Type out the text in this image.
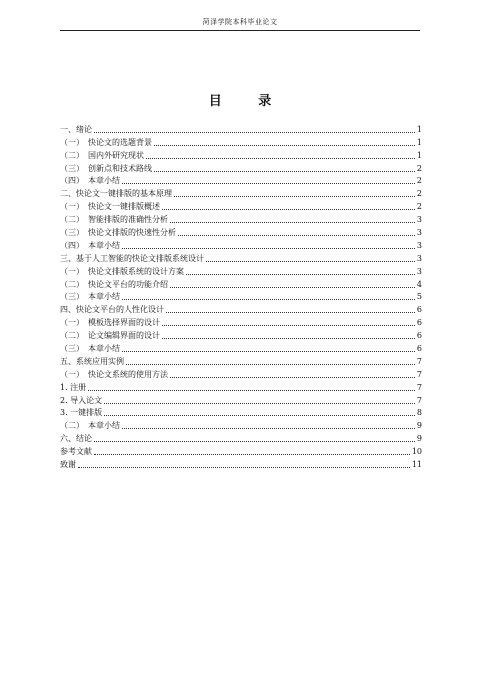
菏泽学院本科毕业论文
目 录
一、绪论	1
（一）　快论文的选题背景	1
（二）　国内外研究现状	1
（三）　创新点和技术路线	2
（四）　本章小结	2
二、快论文一键排版的基本原理	2
（一）　快论文一键排版概述	2
（二）　智能排版的准确性分析	3
（三）　快论文排版的快速性分析	3
（四）　本章小结	3
三、基于人工智能的快论文排版系统设计	3
（一）　快论文排版系统的设计方案	3
（二）　快论文平台的功能介绍	4
（三）　本章小结	5
四、快论文平台的人性化设计	6
（一）　模板选择界面的设计	6
（二）　论文编辑界面的设计	6
（三）　本章小结	6
五、系统应用实例	7
（一）　快论文系统的使用方法	7
1. 注册	7
2. 导入论文	7
3. 一键排版	8
（二）　本章小结	9
六、结论	9
参考文献	10
致谢	11
